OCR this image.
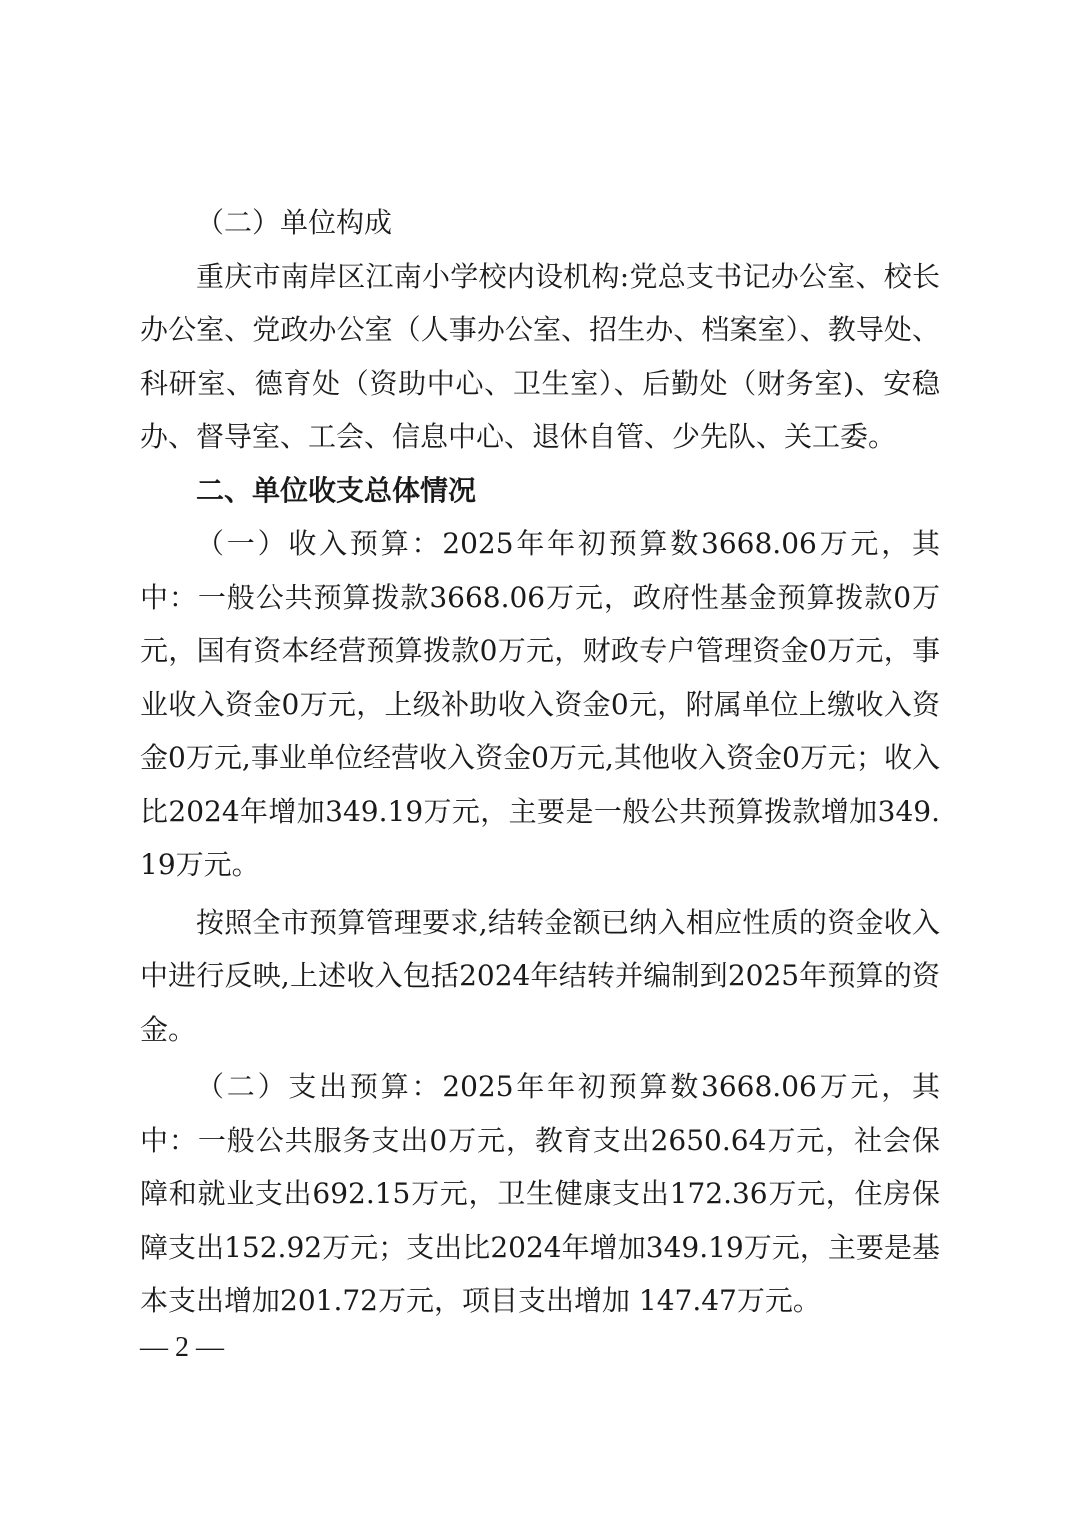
（二）单位构成

重庆市南岸区江南小学校内设机构:党总支书记办公室、校长办公室、党政办公室（人事办公室、招生办、档案室）、教导处、科研室、德育处（资助中心、卫生室）、后勤处（财务室)、安稳办、督导室、工会、信息中心、退休自管、少先队、关工委。

二、单位收支总体情况

（一）收入预算：2025年年初预算数3668.06万元，其中：一般公共预算拨款3668.06万元，政府性基金预算拨款0万元，国有资本经营预算拨款0万元，财政专户管理资金0万元，事业收入资金0万元，上级补助收入资金0元，附属单位上缴收入资金0万元,事业单位经营收入资金0万元,其他收入资金0万元；收入比2024年增加349.19万元，主要是一般公共预算拨款增加349.19万元。

按照全市预算管理要求,结转金额已纳入相应性质的资金收入中进行反映,上述收入包括2024年结转并编制到2025年预算的资金。

（二）支出预算：2025年年初预算数3668.06万元，其中：一般公共服务支出0万元，教育支出2650.64万元，社会保障和就业支出692.15万元，卫生健康支出172.36万元，住房保障支出152.92万元；支出比2024年增加349.19万元，主要是基本支出增加201.72万元，项目支出增加 147.47万元。

— 2 —
